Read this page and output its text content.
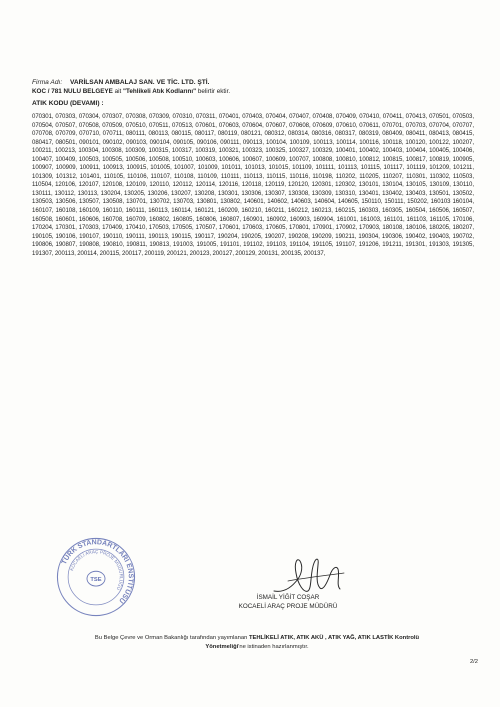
Firma Adı: VARİLSAN AMBALAJ SAN. VE TİC. LTD. ŞTİ.
KOC / 781 NULU BELGEYE ait "Tehlikeli Atık Kodlarını" belirtir ektir.
ATIK KODU (DEVAMI) :
070301, 070303, 070304, 070307, 070308, 070309, 070310, 070311, 070401, 070403, 070404, 070407, 070408, 070409, 070410, 070411, 070413, 070501, 070503, 070504, 070507, 070508, 070509, 070510, 070511, 070513, 070601, 070603, 070604, 070607, 070608, 070609, 070610, 070611, 070701, 070703, 070704, 070707, 070708, 070709, 070710, 070711, 080111, 080113, 080115, 080117, 080119, 080121, 080312, 080314, 080316, 080317, 080319, 080409, 080411, 080413, 080415, 080417, 080501, 090101, 090102, 090103, 090104, 090105, 090106, 090111, 090113, 100104, 100109, 100113, 100114, 100116, 100118, 100120, 100122, 100207, 100211, 100213, 100304, 100308, 100309, 100315, 100317, 100319, 100321, 100323, 100325, 100327, 100329, 100401, 100402, 100403, 100404, 100405, 100406, 100407, 100409, 100503, 100505, 100506, 100508, 100510, 100603, 100606, 100607, 100609, 100707, 100808, 100810, 100812, 100815, 100817, 100819, 100905, 100907, 100909, 100911, 100913, 100915, 101005, 101007, 101009, 101011, 101013, 101015, 101109, 101111, 101113, 101115, 101117, 101119, 101209, 101211, 101309, 101312, 101401, 110105, 110106, 110107, 110108, 110109, 110111, 110113, 110115, 110116, 110198, 110202, 110205, 110207, 110301, 110302, 110503, 110504, 120106, 120107, 120108, 120109, 120110, 120112, 120114, 120116, 120118, 120119, 120120, 120301, 120302, 130101, 130104, 130105, 130109, 130110, 130111, 130112, 130113, 130204, 130205, 130206, 130207, 130208, 130301, 130306, 130307, 130308, 130309, 130310, 130401, 130402, 130403, 130501, 130502, 130503, 130506, 130507, 130508, 130701, 130702, 130703, 130801, 130802, 140601, 140602, 140603, 140604, 140605, 150110, 150111, 150202, 160103 160104, 160107, 160108, 160109, 160110, 160111, 160113, 160114, 160121, 160209, 160210, 160211, 160212, 160213, 160215, 160303, 160305, 160504, 160506, 160507, 160508, 160601, 160606, 160708, 160709, 160802, 160805, 160806, 160807, 160901, 160902, 160903, 160904, 161001, 161003, 161101, 161103, 161105, 170106, 170204, 170301, 170303, 170409, 170410, 170503, 170505, 170507, 170601, 170603, 170605, 170801, 170901, 170902, 170903, 180108, 180106, 180205, 180207, 190105, 190106, 190107, 190110, 190111, 190113, 190115, 190117, 190204, 190205, 190207, 190208, 190209, 190211, 190304, 190306, 190402, 190403, 190702, 190806, 190807, 190808, 190810, 190811, 190813, 191003, 191005, 191101, 191102, 191103, 191104, 191105, 191107, 191206, 191211, 191301, 191303, 191305, 191307, 200113, 200114, 200115, 200117, 200119, 200121, 200123, 200127, 200129, 200131, 200135, 200137,
TÜRK STANDARTLARI ENSTİTÜSÜ
KOCAELİ ARAÇ PROJE MÜDÜRLÜĞÜ
TSE
İSMAİL YİĞİT COŞAR
KOCAELİ ARAÇ PROJE MÜDÜRÜ
Bu Belge Çevre ve Orman Bakanlığı tarafından yayımlanan TEHLİKELİ ATIK, ATIK AKÜ , ATIK YAĞ, ATIK LASTİK Kontrolü
Yönetmeliği'ne istinaden hazırlanmıştır.
2/2
